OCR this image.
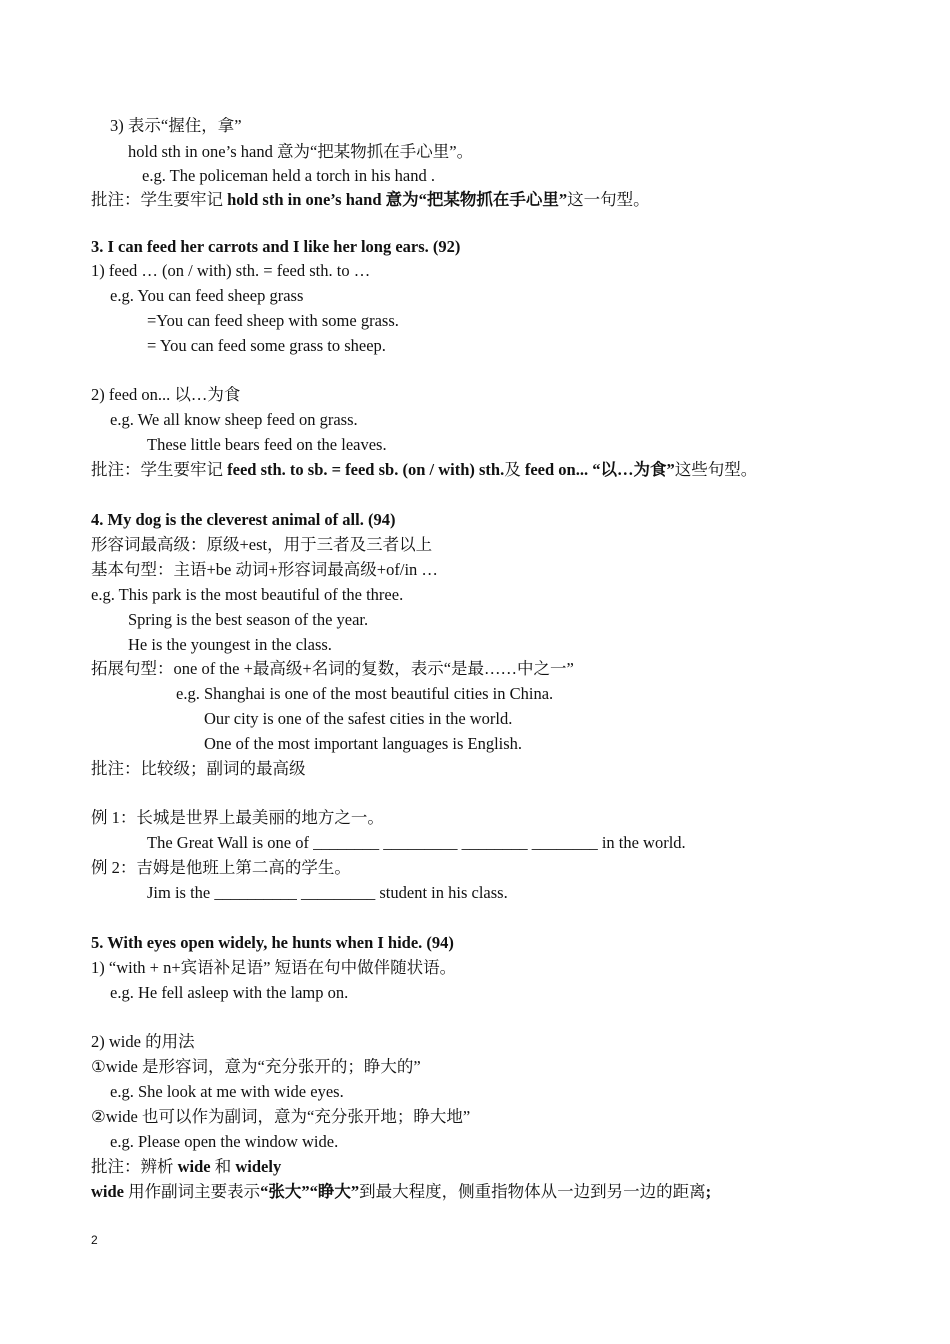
3) 表示“握住，拿”
hold sth in one’s hand 意为“把某物抓在手心里”。
e.g. The policeman held a torch in his hand .
批注：学生要牢记 hold sth in one’s hand 意为“把某物抓在手心里”这一句型。
3. I can feed her carrots and I like her long ears. (92)
1) feed … (on / with) sth. = feed sth. to …
e.g. You can feed sheep grass
=You can feed sheep with some grass.
= You can feed some grass to sheep.
2) feed on... 以…为食
e.g. We all know sheep feed on grass.
These little bears feed on the leaves.
批注：学生要牢记 feed sth. to sb. = feed sb. (on / with) sth.及 feed on... “以…为食”这些句型。
4. My dog is the cleverest animal of all. (94)
形容词最高级：原级+est，用于三者及三者以上
基本句型：主语+be 动词+形容词最高级+of/in …
e.g. This park is the most beautiful of the three.
Spring is the best season of the year.
He is the youngest in the class.
拓展句型：one of the +最高级+名词的复数，表示“是最……中之一”
e.g. Shanghai is one of the most beautiful cities in China.
Our city is one of the safest cities in the world.
One of the most important languages is English.
批注：比较级；副词的最高级
例 1：长城是世界上最美丽的地方之一。
The Great Wall is one of ________ _________ ________ ________ in the world.
例 2：吉姆是他班上第二高的学生。
Jim is the __________ _________ student in his class.
5. With eyes open widely, he hunts when I hide. (94)
1) “with + n+宾语补足语” 短语在句中做伴随状语。
e.g. He fell asleep with the lamp on.
2) wide 的用法
①wide 是形容词，意为“充分张开的；睁大的”
e.g. She look at me with wide eyes.
②wide 也可以作为副词，意为“充分张开地；睁大地”
e.g. Please open the window wide.
批注：辨析 wide 和 widely
wide 用作副词主要表示“张大”“睁大”到最大程度，侧重指物体从一边到另一边的距离;
2
